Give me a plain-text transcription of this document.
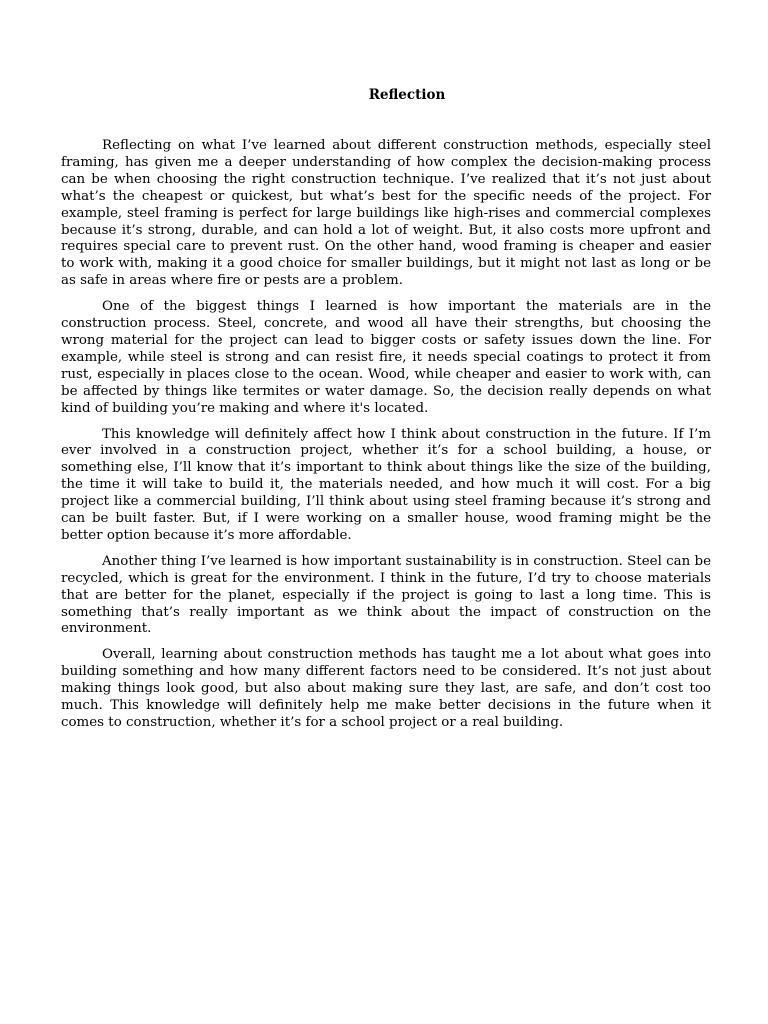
Reflection

Reflecting on what I’ve learned about different construction methods, especially steel framing, has given me a deeper understanding of how complex the decision-making process can be when choosing the right construction technique. I’ve realized that it’s not just about what’s the cheapest or quickest, but what’s best for the specific needs of the project. For example, steel framing is perfect for large buildings like high-rises and commercial complexes because it’s strong, durable, and can hold a lot of weight. But, it also costs more upfront and requires special care to prevent rust. On the other hand, wood framing is cheaper and easier to work with, making it a good choice for smaller buildings, but it might not last as long or be as safe in areas where fire or pests are a problem.

One of the biggest things I learned is how important the materials are in the construction process. Steel, concrete, and wood all have their strengths, but choosing the wrong material for the project can lead to bigger costs or safety issues down the line. For example, while steel is strong and can resist fire, it needs special coatings to protect it from rust, especially in places close to the ocean. Wood, while cheaper and easier to work with, can be affected by things like termites or water damage. So, the decision really depends on what kind of building you’re making and where it's located.

This knowledge will definitely affect how I think about construction in the future. If I’m ever involved in a construction project, whether it’s for a school building, a house, or something else, I’ll know that it’s important to think about things like the size of the building, the time it will take to build it, the materials needed, and how much it will cost. For a big project like a commercial building, I’ll think about using steel framing because it’s strong and can be built faster. But, if I were working on a smaller house, wood framing might be the better option because it’s more affordable.

Another thing I’ve learned is how important sustainability is in construction. Steel can be recycled, which is great for the environment. I think in the future, I’d try to choose materials that are better for the planet, especially if the project is going to last a long time. This is something that’s really important as we think about the impact of construction on the environment.

Overall, learning about construction methods has taught me a lot about what goes into building something and how many different factors need to be considered. It’s not just about making things look good, but also about making sure they last, are safe, and don’t cost too much. This knowledge will definitely help me make better decisions in the future when it comes to construction, whether it’s for a school project or a real building.
